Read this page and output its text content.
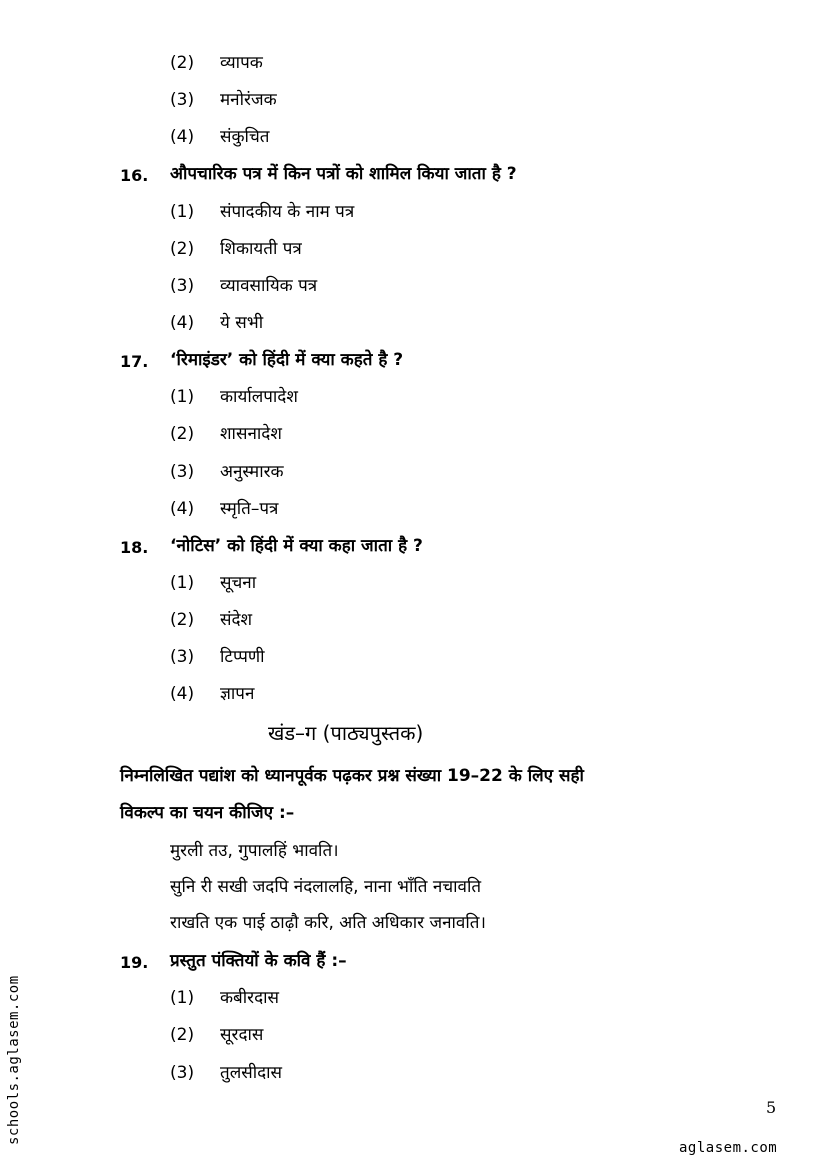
(2) व्यापक
(3) मनोरंजक
(4) संकुचित
16. औपचारिक पत्र में किन पत्रों को शामिल किया जाता है ?
(1) संपादकीय के नाम पत्र
(2) शिकायती पत्र
(3) व्यावसायिक पत्र
(4) ये सभी
17. ‘रिमाइंडर’ को हिंदी में क्या कहते है ?
(1) कार्यालपादेश
(2) शासनादेश
(3) अनुस्मारक
(4) स्मृति–पत्र
18. ‘नोटिस’ को हिंदी में क्या कहा जाता है ?
(1) सूचना
(2) संदेश
(3) टिप्पणी
(4) ज्ञापन
खंड–ग (पाठ्यपुस्तक)
निम्नलिखित पद्यांश को ध्यानपूर्वक पढ़कर प्रश्न संख्या 19–22 के लिए सही
विकल्प का चयन कीजिए :–
मुरली तउ, गुपालहिं भावति।
सुनि री सखी जदपि नंदलालहि, नाना भाँति नचावति
राखति एक पाई ठाढ़ौ करि, अति अधिकार जनावति।
19. प्रस्तुत पंक्तियों के कवि हैं :–
(1) कबीरदास
(2) सूरदास
(3) तुलसीदास
5
aglasem.com
schools.aglasem.com
